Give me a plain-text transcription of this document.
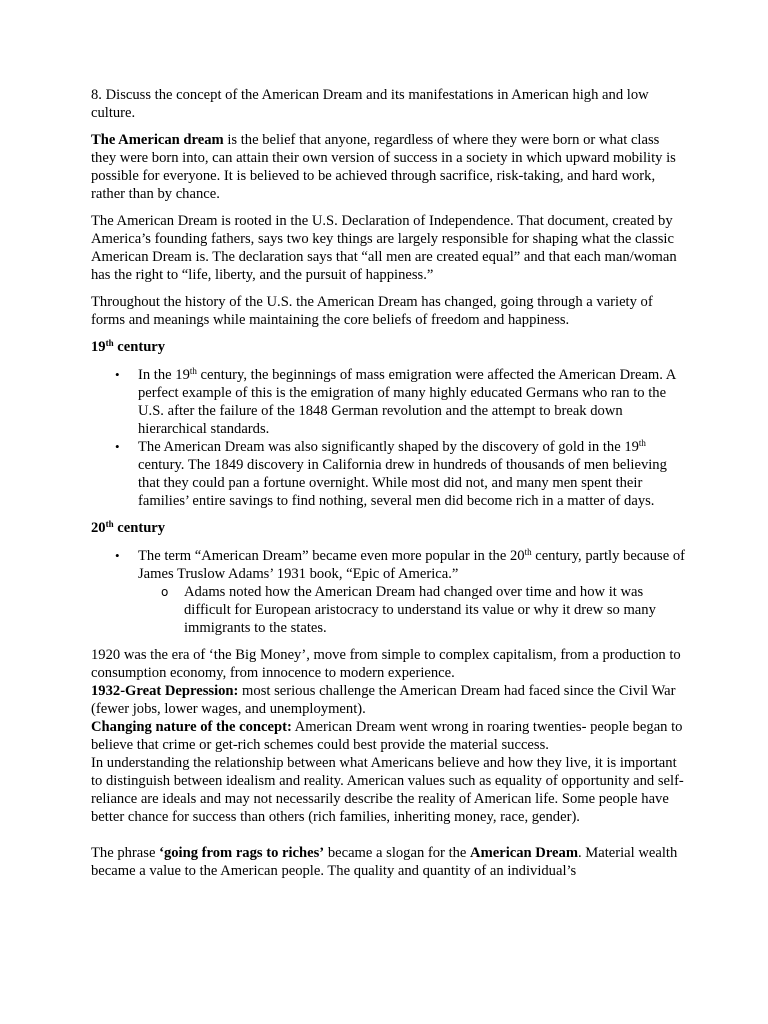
8. Discuss the concept of the American Dream and its manifestations in American high and low culture.

The American dream is the belief that anyone, regardless of where they were born or what class they were born into, can attain their own version of success in a society in which upward mobility is possible for everyone. It is believed to be achieved through sacrifice, risk-taking, and hard work, rather than by chance.

The American Dream is rooted in the U.S. Declaration of Independence. That document, created by America’s founding fathers, says two key things are largely responsible for shaping what the classic American Dream is. The declaration says that “all men are created equal” and that each man/woman has the right to “life, liberty, and the pursuit of happiness.”

Throughout the history of the U.S. the American Dream has changed, going through a variety of forms and meanings while maintaining the core beliefs of freedom and happiness.

19th century
• In the 19th century, the beginnings of mass emigration were affected the American Dream. A perfect example of this is the emigration of many highly educated Germans who ran to the U.S. after the failure of the 1848 German revolution and the attempt to break down hierarchical standards.
• The American Dream was also significantly shaped by the discovery of gold in the 19th century. The 1849 discovery in California drew in hundreds of thousands of men believing that they could pan a fortune overnight. While most did not, and many men spent their families’ entire savings to find nothing, several men did become rich in a matter of days.
20th century
• The term “American Dream” became even more popular in the 20th century, partly because of James Truslow Adams’ 1931 book, “Epic of America.”
o Adams noted how the American Dream had changed over time and how it was difficult for European aristocracy to understand its value or why it drew so many immigrants to the states.

1920 was the era of ‘the Big Money’, move from simple to complex capitalism, from a production to consumption economy, from innocence to modern experience.

1932-Great Depression: most serious challenge the American Dream had faced since the Civil War (fewer jobs, lower wages, and unemployment).

Changing nature of the concept: American Dream went wrong in roaring twenties- people began to believe that crime or get-rich schemes could best provide the material success.

In understanding the relationship between what Americans believe and how they live, it is important to distinguish between idealism and reality. American values such as equality of opportunity and self-reliance are ideals and may not necessarily describe the reality of American life. Some people have better chance for success than others (rich families, inheriting money, race, gender).

The phrase ‘going from rags to riches’ became a slogan for the American Dream. Material wealth became a value to the American people. The quality and quantity of an individual’s
